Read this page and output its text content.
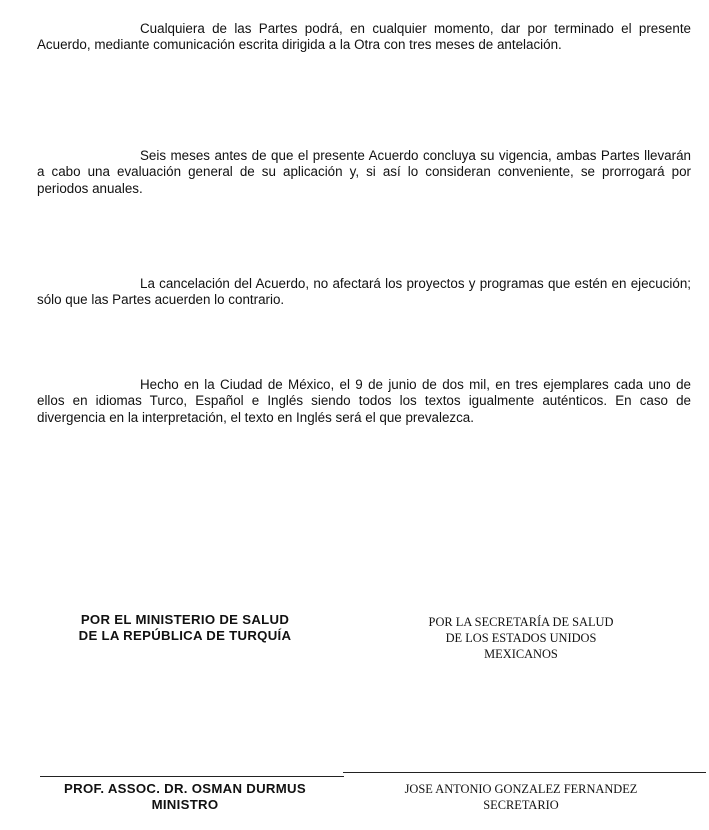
Cualquiera de las Partes podrá, en cualquier momento, dar por terminado el presente Acuerdo, mediante comunicación escrita dirigida a la Otra con tres meses de antelación.

Seis meses antes de que el presente Acuerdo concluya su vigencia, ambas Partes llevarán a cabo una evaluación general de su aplicación y, si así lo consideran conveniente, se prorrogará por periodos anuales.

La cancelación del Acuerdo, no afectará los proyectos y programas que estén en ejecución; sólo que las Partes acuerden lo contrario.

Hecho en la Ciudad de México, el 9 de junio de dos mil, en tres ejemplares cada uno de ellos en idiomas Turco, Español e Inglés siendo todos los textos igualmente auténticos. En caso de divergencia en la interpretación, el texto en Inglés será el que prevalezca.

POR EL MINISTERIO DE SALUD
DE LA REPÚBLICA DE TURQUÍA
POR LA SECRETARÍA DE SALUD
DE LOS ESTADOS UNIDOS
MEXICANOS
PROF. ASSOC. DR. OSMAN DURMUS
MINISTRO
JOSE ANTONIO GONZALEZ FERNANDEZ
SECRETARIO
